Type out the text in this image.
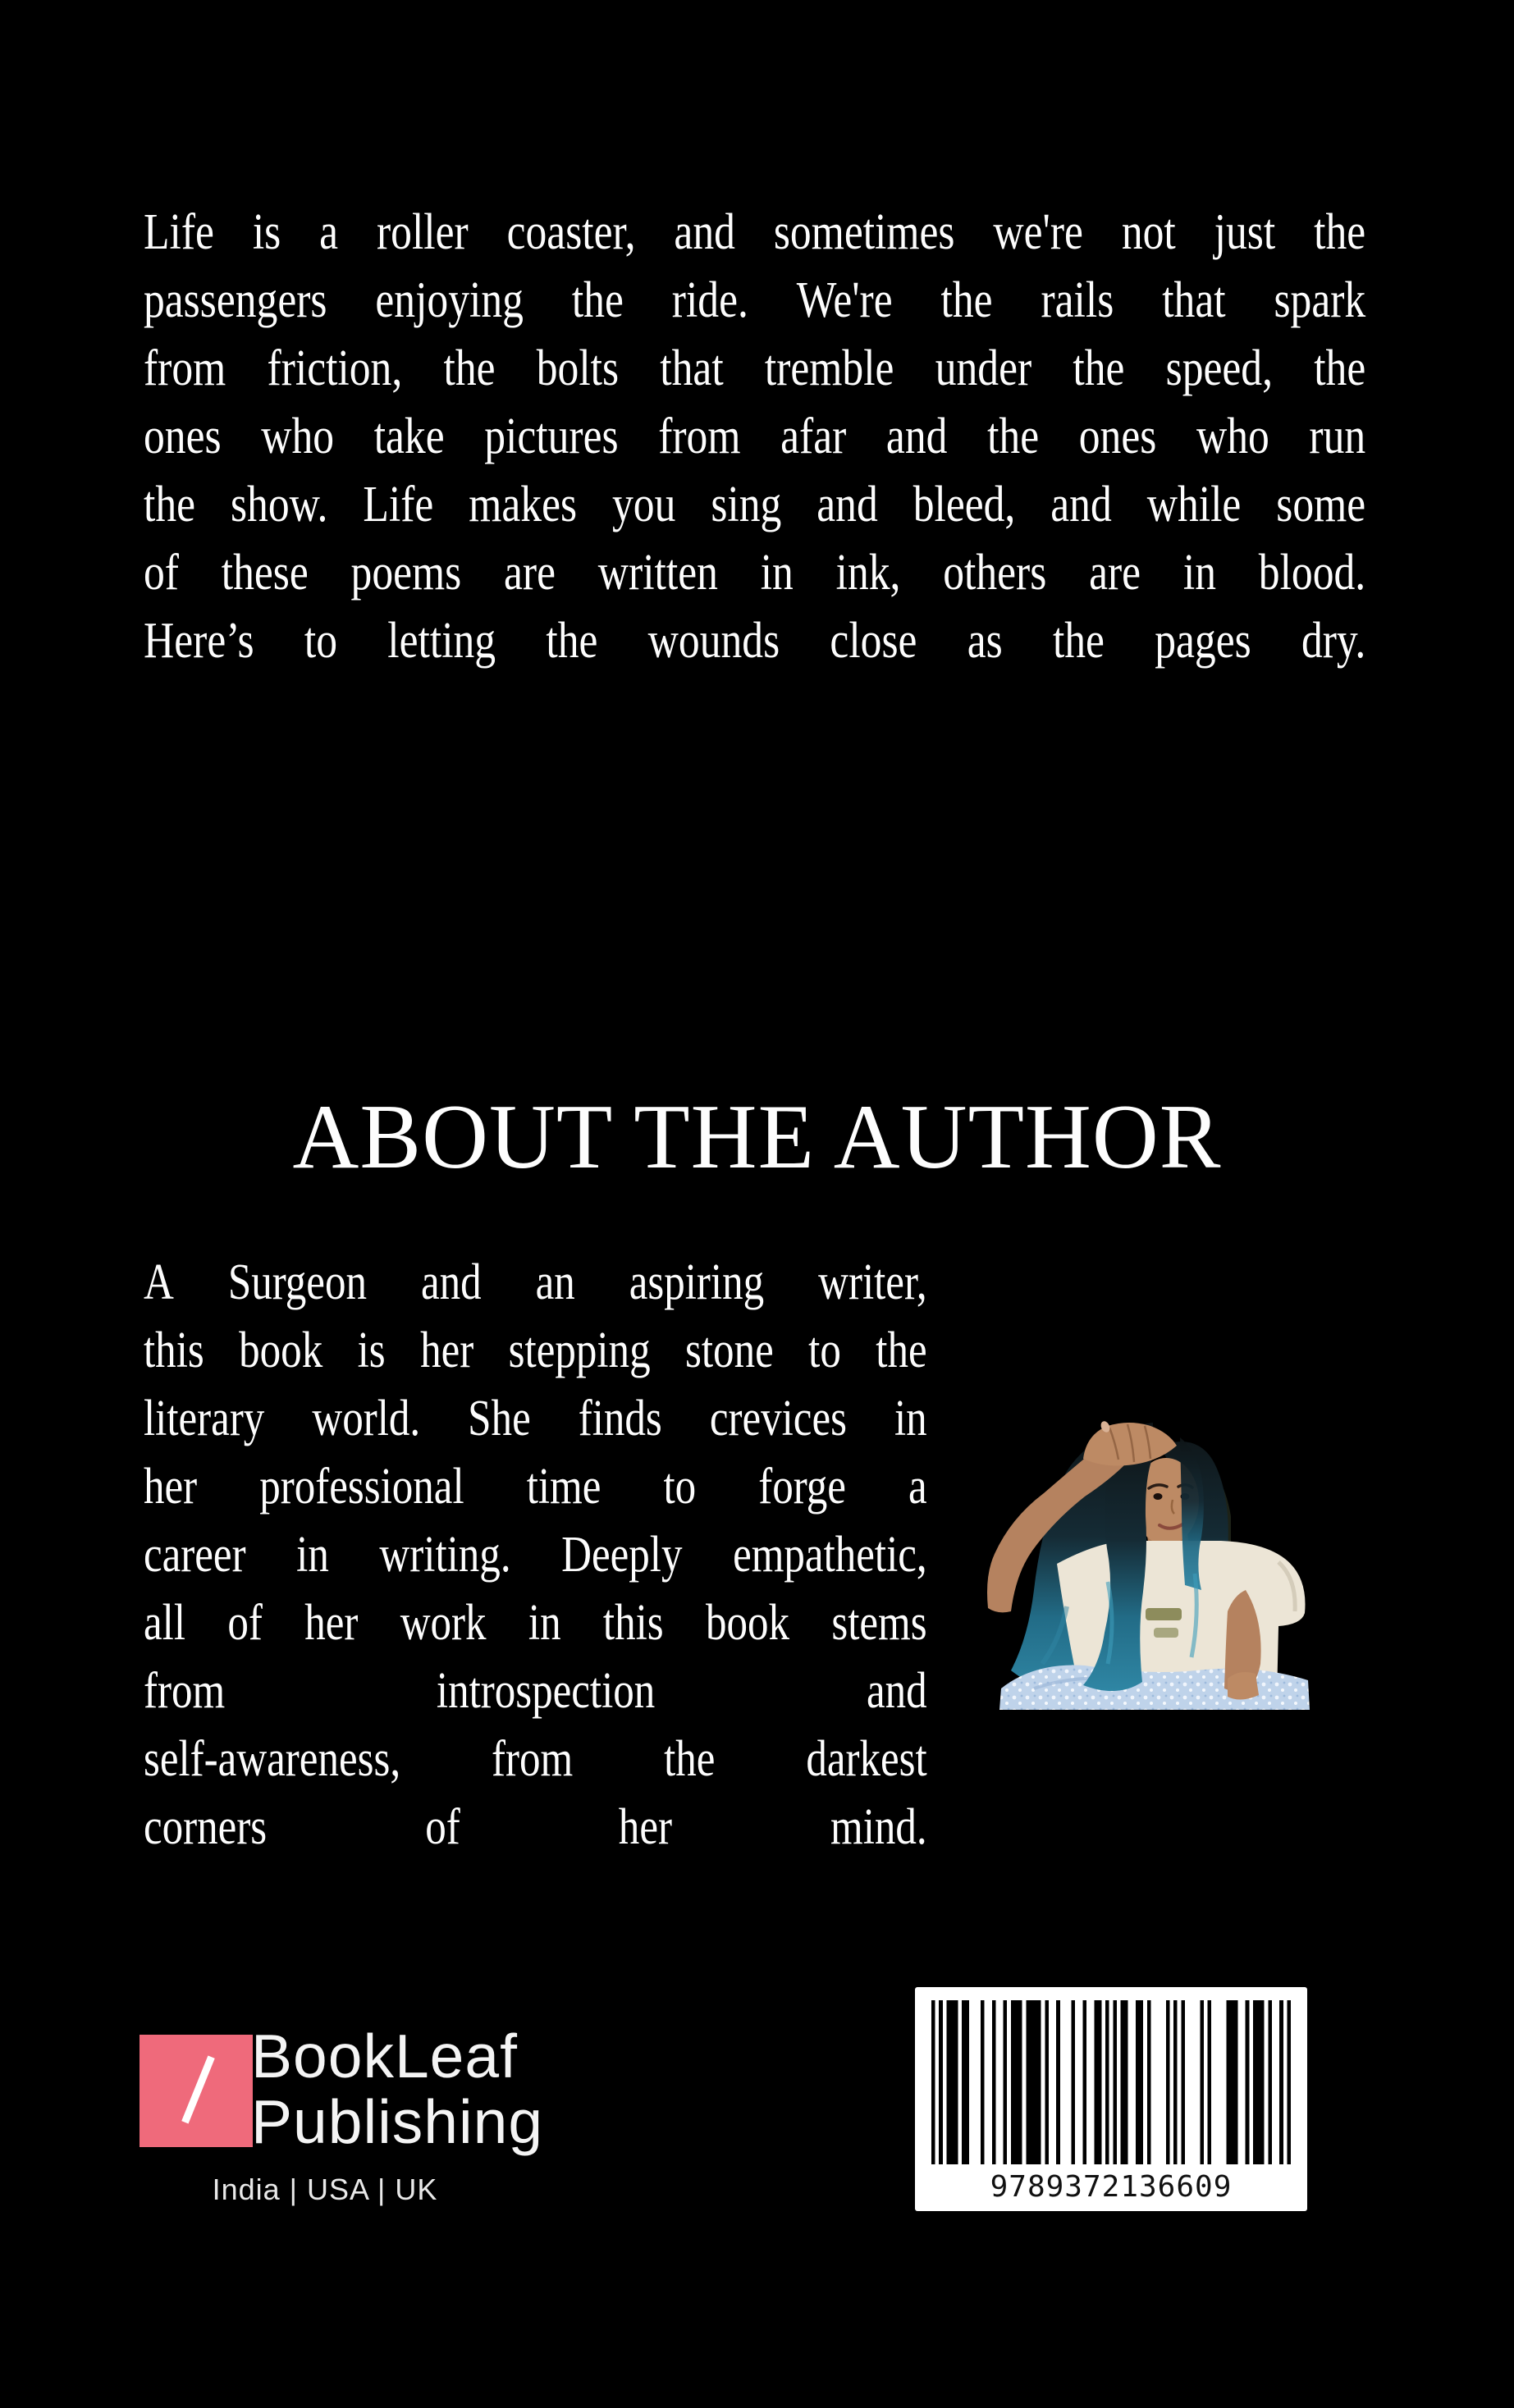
Life is a roller coaster, and sometimes we're not just the
passengers enjoying the ride. We're the rails that spark
from friction, the bolts that tremble under the speed, the
ones who take pictures from afar and the ones who run
the show. Life makes you sing and bleed, and while some
of these poems are written in ink, others are in blood.
Here’s to letting the wounds close as the pages dry.
ABOUT THE AUTHOR
A Surgeon and an aspiring writer,
this book is her stepping stone to the
literary world. She finds crevices in
her professional time to forge a
career in writing. Deeply empathetic,
all of her work in this book stems
from	introspection	and
self-awareness, from the darkest
corners	of	her	mind.
BookLeaf
Publishing
India | USA | UK	9789372136609
